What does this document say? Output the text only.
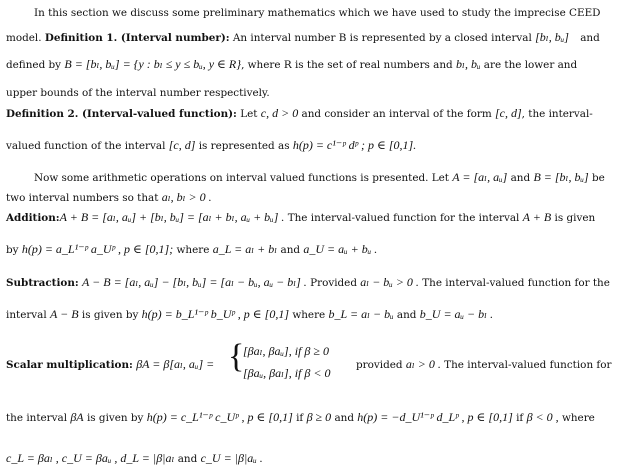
In this section we discuss some preliminary mathematics which we have used to study the imprecise CEED
model. Definition 1. (Interval number): An interval number B is represented by a closed interval [bₗ, bᵤ] and
defined by B = [bₗ, bᵤ] = {y : bₗ ≤ y ≤ bᵤ, y ∈ R}, where R is the set of real numbers and bₗ, bᵤ are the lower and
upper bounds of the interval number respectively.
Definition 2. (Interval-valued function): Let c, d > 0 and consider an interval of the form [c, d], the interval-
valued function of the interval [c, d] is represented as h(p) = c¹⁻ᵖ dᵖ ; p ∈ [0,1].
Now some arithmetic operations on interval valued functions is presented. Let A = [aₗ, aᵤ] and B = [bₗ, bᵤ] be
two interval numbers so that aₗ, bₗ > 0 .
Addition:A + B = [aₗ, aᵤ] + [bₗ, bᵤ] = [aₗ + bₗ, aᵤ + bᵤ] . The interval-valued function for the interval A + B is given
by h(p) = a_L¹⁻ᵖ a_Uᵖ , p ∈ [0,1]; where a_L = aₗ + bₗ and a_U = aᵤ + bᵤ .
Subtraction: A − B = [aₗ, aᵤ] − [bₗ, bᵤ] = [aₗ − bᵤ, aᵤ − bₗ] . Provided aₗ − bᵤ > 0 . The interval-valued function for the
interval A − B is given by h(p) = b_L¹⁻ᵖ b_Uᵖ , p ∈ [0,1] where b_L = aₗ − bᵤ and b_U = aᵤ − bₗ .
Scalar multiplication: βA = β[aₗ, aᵤ] = {
[βaₗ, βaᵤ], if β ≥ 0
[βaᵤ, βaₗ], if β < 0
provided aₗ > 0 . The interval-valued function for
the interval βA is given by h(p) = c_L¹⁻ᵖ c_Uᵖ , p ∈ [0,1] if β ≥ 0 and h(p) = −d_U¹⁻ᵖ d_Lᵖ , p ∈ [0,1] if β < 0 , where
c_L = βaₗ , c_U = βaᵤ , d_L = |β|aₗ and c_U = |β|aᵤ .
